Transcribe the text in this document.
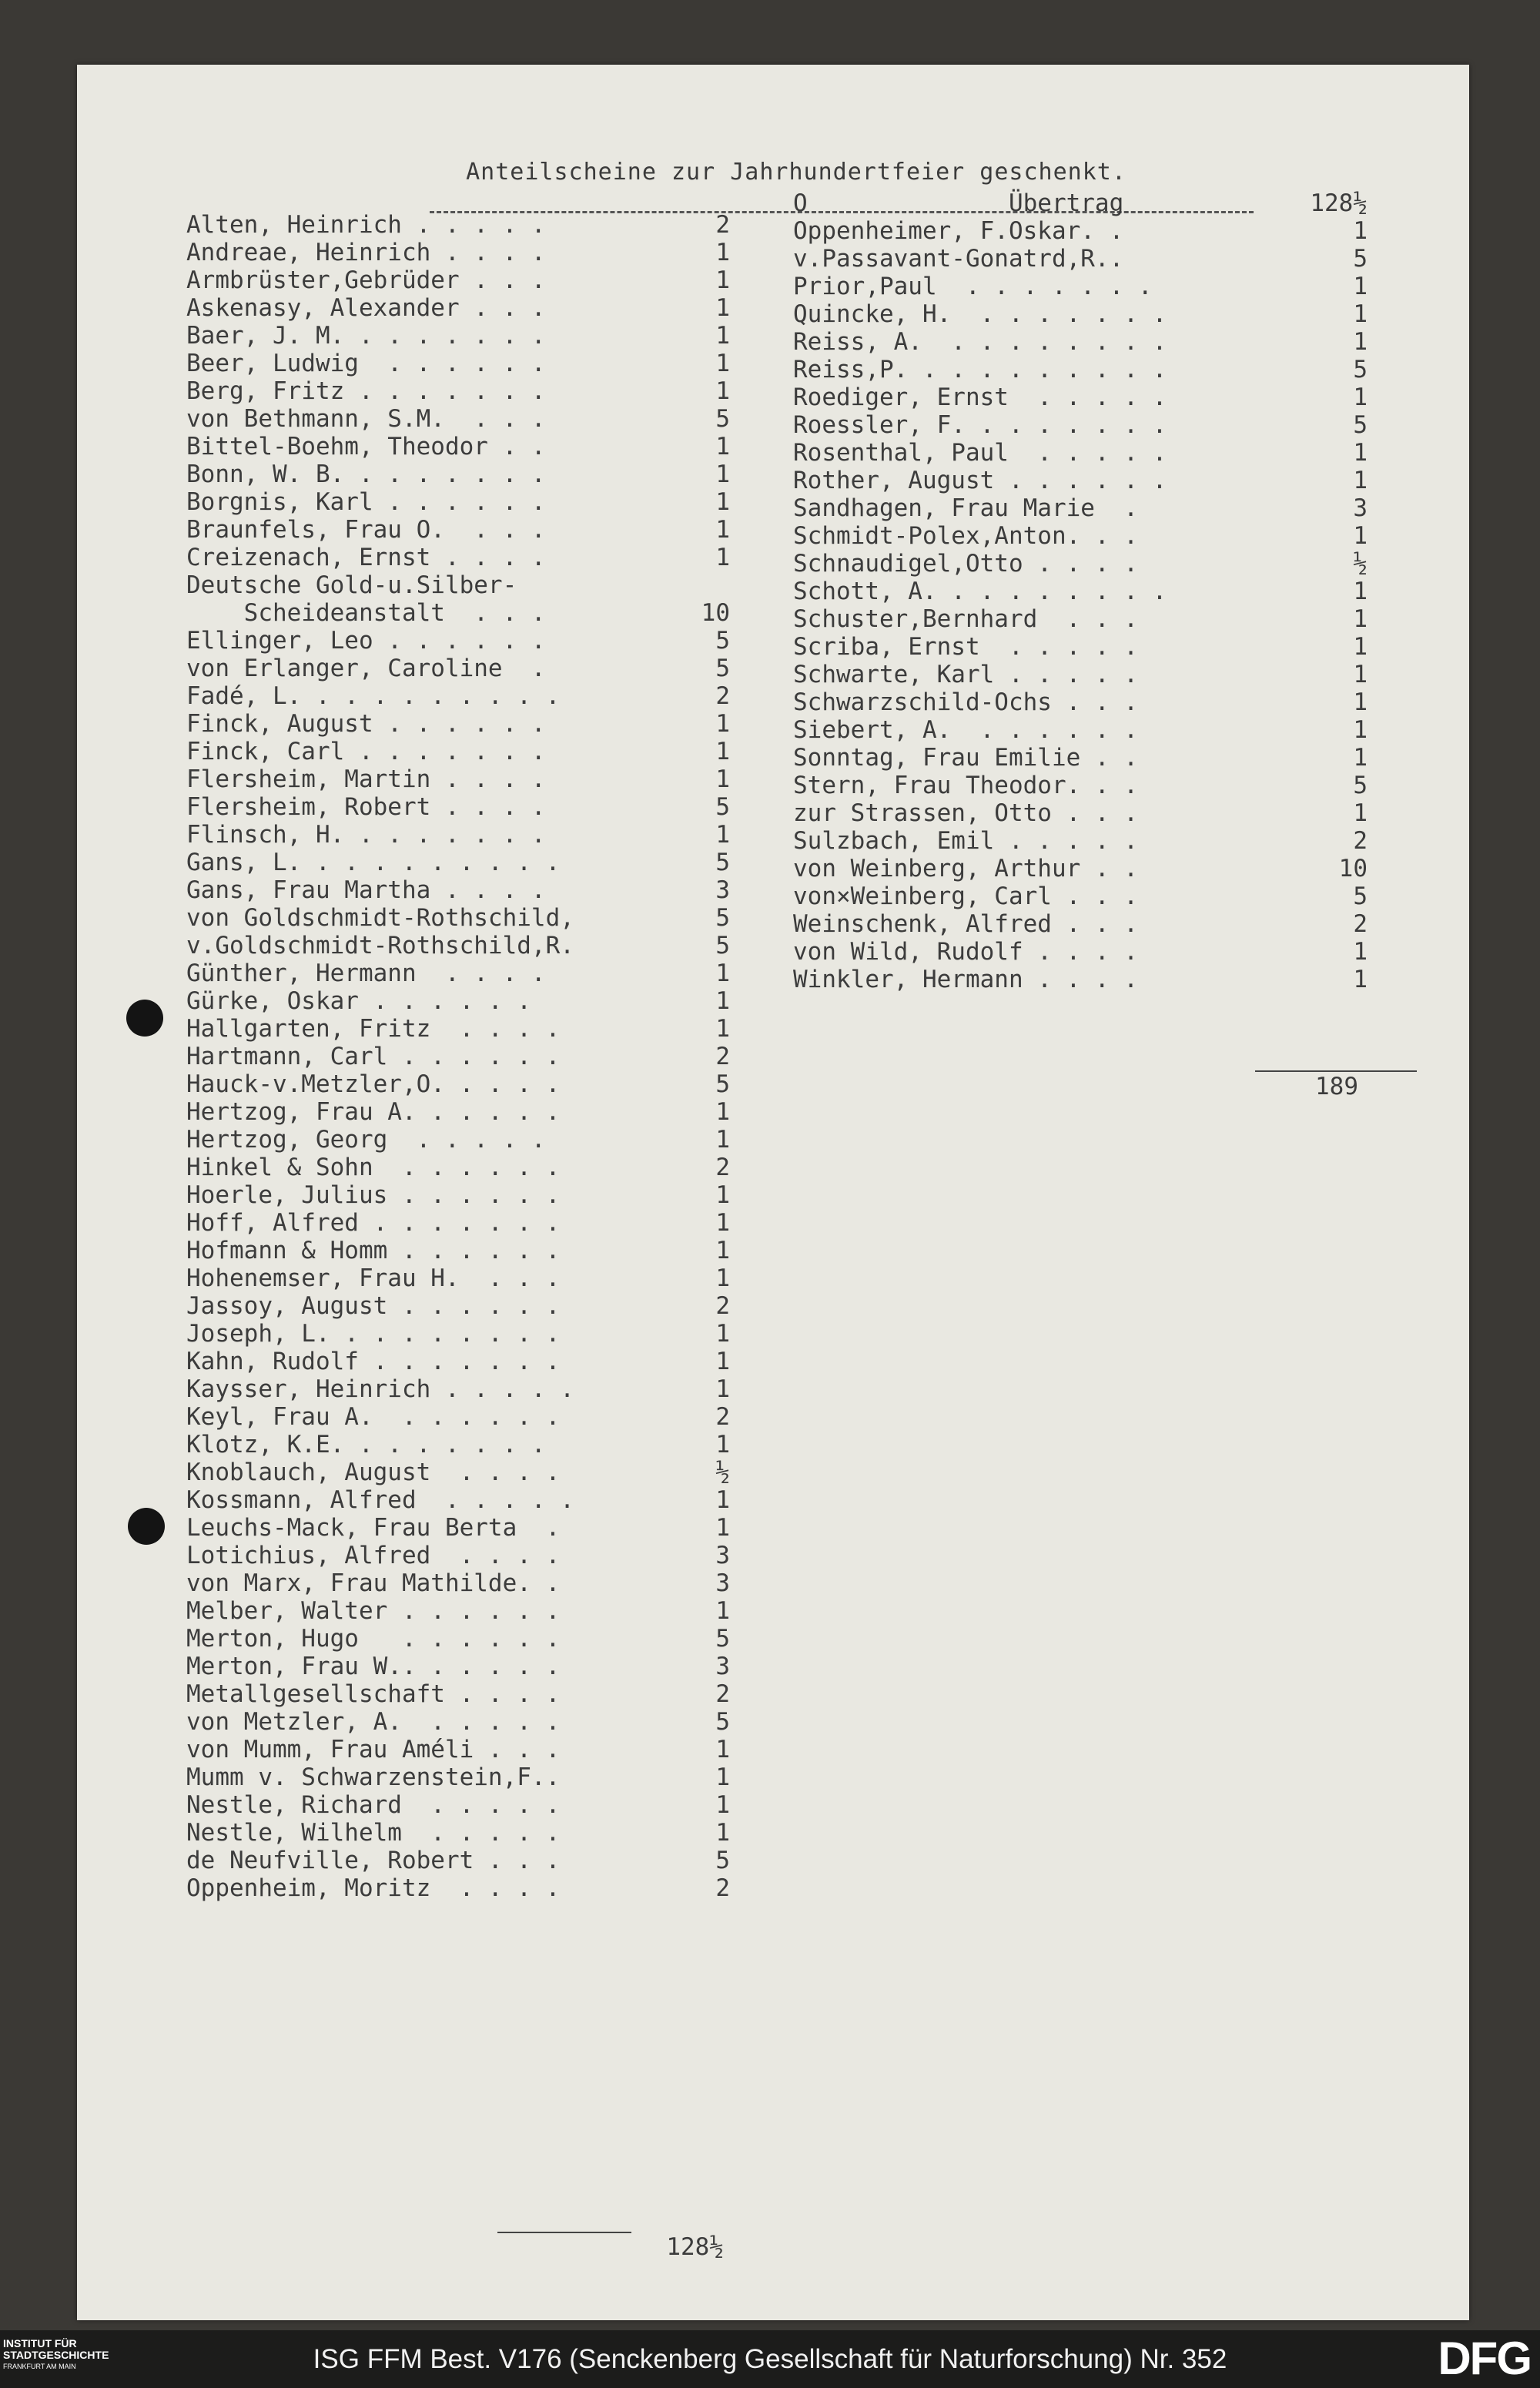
Anteilscheine zur Jahrhundertfeier geschenkt.
Alten, Heinrich . . . . .	2
Andreae, Heinrich . . . .	1
Armbrüster,Gebrüder . . .	1
Askenasy, Alexander . . .	1
Baer, J. M. . . . . . . .	1
Beer, Ludwig  . . . . . .	1
Berg, Fritz . . . . . . .	1
von Bethmann, S.M.  . . .	5
Bittel-Boehm, Theodor . .	1
Bonn, W. B. . . . . . . .	1
Borgnis, Karl . . . . . .	1
Braunfels, Frau O.  . . .	1
Creizenach, Ernst . . . .	1
Deutsche Gold-u.Silber-
Scheideanstalt  . . .	10
Ellinger, Leo . . . . . .	5
von Erlanger, Caroline  .	5
Fadé, L. . . . . . . . . .	2
Finck, August . . . . . .	1
Finck, Carl . . . . . . .	1
Flersheim, Martin . . . .	1
Flersheim, Robert . . . .	5
Flinsch, H. . . . . . . .	1
Gans, L. . . . . . . . . .	5
Gans, Frau Martha . . . .	3
von Goldschmidt-Rothschild,	5
v.Goldschmidt-Rothschild,R.	5
Günther, Hermann  . . . .	1
Gürke, Oskar . . . . . .	1
Hallgarten, Fritz  . . . .	1
Hartmann, Carl . . . . . .	2
Hauck-v.Metzler,O. . . . .	5
Hertzog, Frau A. . . . . .	1
Hertzog, Georg  . . . . .	1
Hinkel & Sohn  . . . . . .	2
Hoerle, Julius . . . . . .	1
Hoff, Alfred . . . . . . .	1
Hofmann & Homm . . . . . .	1
Hohenemser, Frau H.  . . .	1
Jassoy, August . . . . . .	2
Joseph, L. . . . . . . . .	1
Kahn, Rudolf . . . . . . .	1
Kaysser, Heinrich . . . . .	1
Keyl, Frau A.  . . . . . .	2
Klotz, K.E. . . . . . . .	1
Knoblauch, August  . . . .	½
Kossmann, Alfred  . . . . .	1
Leuchs-Mack, Frau Berta  .	1
Lotichius, Alfred  . . . .	3
von Marx, Frau Mathilde. .	3
Melber, Walter . . . . . .	1
Merton, Hugo   . . . . . .	5
Merton, Frau W.. . . . . .	3
Metallgesellschaft . . . .	2
von Metzler, A.  . . . . .	5
von Mumm, Frau Améli . . .	1
Mumm v. Schwarzenstein,F..	1
Nestle, Richard  . . . . .	1
Nestle, Wilhelm  . . . . .	1
de Neufville, Robert . . .	5
Oppenheim, Moritz  . . . .	2
O              Übertrag	128½
Oppenheimer, F.Oskar. .	1
v.Passavant-Gonatrd,R..	5
Prior,Paul  . . . . . . .	1
Quincke, H.  . . . . . . .	1
Reiss, A.  . . . . . . . .	1
Reiss,P. . . . . . . . . .	5
Roediger, Ernst  . . . . .	1
Roessler, F. . . . . . . .	5
Rosenthal, Paul  . . . . .	1
Rother, August . . . . . .	1
Sandhagen, Frau Marie  .	3
Schmidt-Polex,Anton. . .	1
Schnaudigel,Otto . . . .	½
Schott, A. . . . . . . . .	1
Schuster,Bernhard  . . .	1
Scriba, Ernst  . . . . .	1
Schwarte, Karl . . . . .	1
Schwarzschild-Ochs . . .	1
Siebert, A.  . . . . . .	1
Sonntag, Frau Emilie . .	1
Stern, Frau Theodor. . .	5
zur Strassen, Otto . . .	1
Sulzbach, Emil . . . . .	2
von Weinberg, Arthur . .	10
von×Weinberg, Carl . . .	5
Weinschenk, Alfred . . .	2
von Wild, Rudolf . . . .	1
Winkler, Hermann . . . .	1
128½
189
INSTITUT FÜR
STADTGESCHICHTE
FRANKFURT AM MAIN	ISG FFM Best. V176 (Senckenberg Gesellschaft für Naturforschung) Nr. 352	DFG
